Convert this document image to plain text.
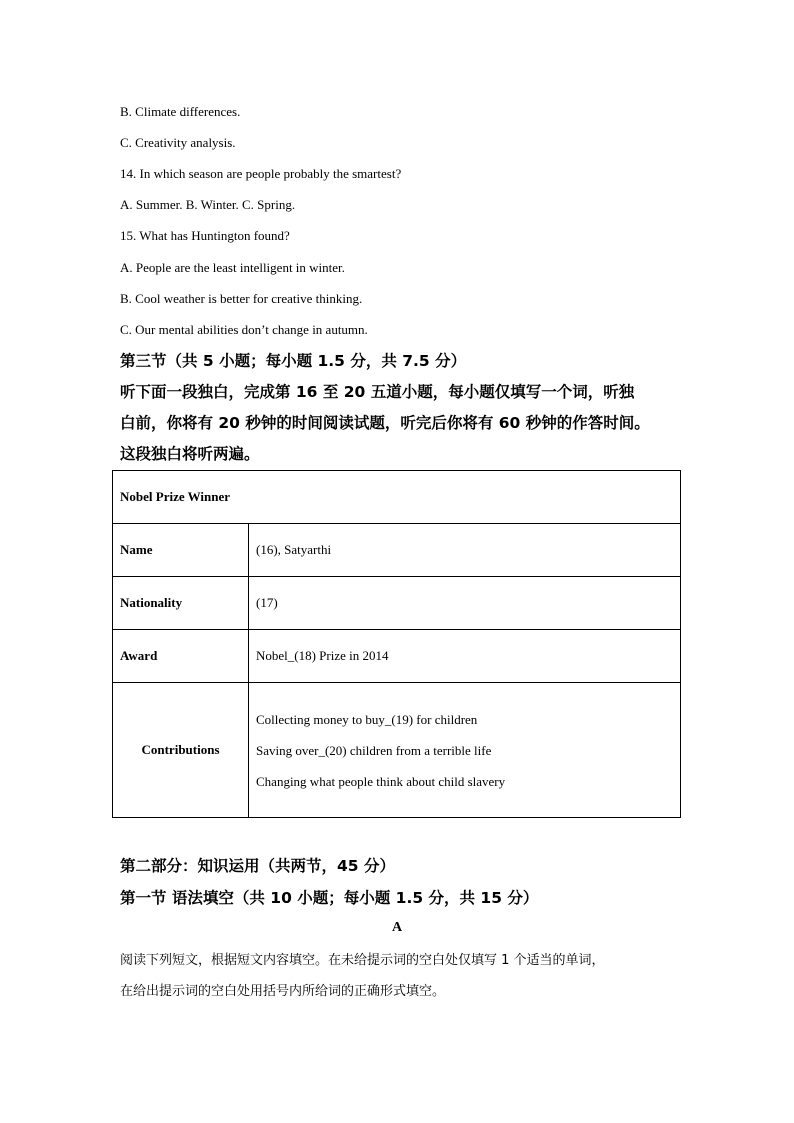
B. Climate differences.
C. Creativity analysis.
14. In which season are people probably the smartest?
A. Summer. B. Winter. C. Spring.
15. What has Huntington found?
A. People are the least intelligent in winter.
B. Cool weather is better for creative thinking.
C. Our mental abilities don’t change in autumn.
第三节（共 5 小题；每小题 1.5 分，共 7.5 分）
听下面一段独白，完成第 16 至 20 五道小题，每小题仅填写一个词，听独
白前，你将有 20 秒钟的时间阅读试题，听完后你将有 60 秒钟的作答时间。
这段独白将听两遍。
Nobel Prize Winner	
Name	(16), Satyarthi
Nationality	(17)
Award	Nobel_(18) Prize in 2014
Contributions	Collecting money to buy_(19) for children
Saving over_(20) children from a terrible life
Changing what people think about child slavery
第二部分：知识运用（共两节，45 分）
第一节 语法填空（共 10 小题；每小题 1.5 分，共 15 分）
A
阅读下列短文，根据短文内容填空。在未给提示词的空白处仅填写 1 个适当的单词，
在给出提示词的空白处用括号内所给词的正确形式填空。
